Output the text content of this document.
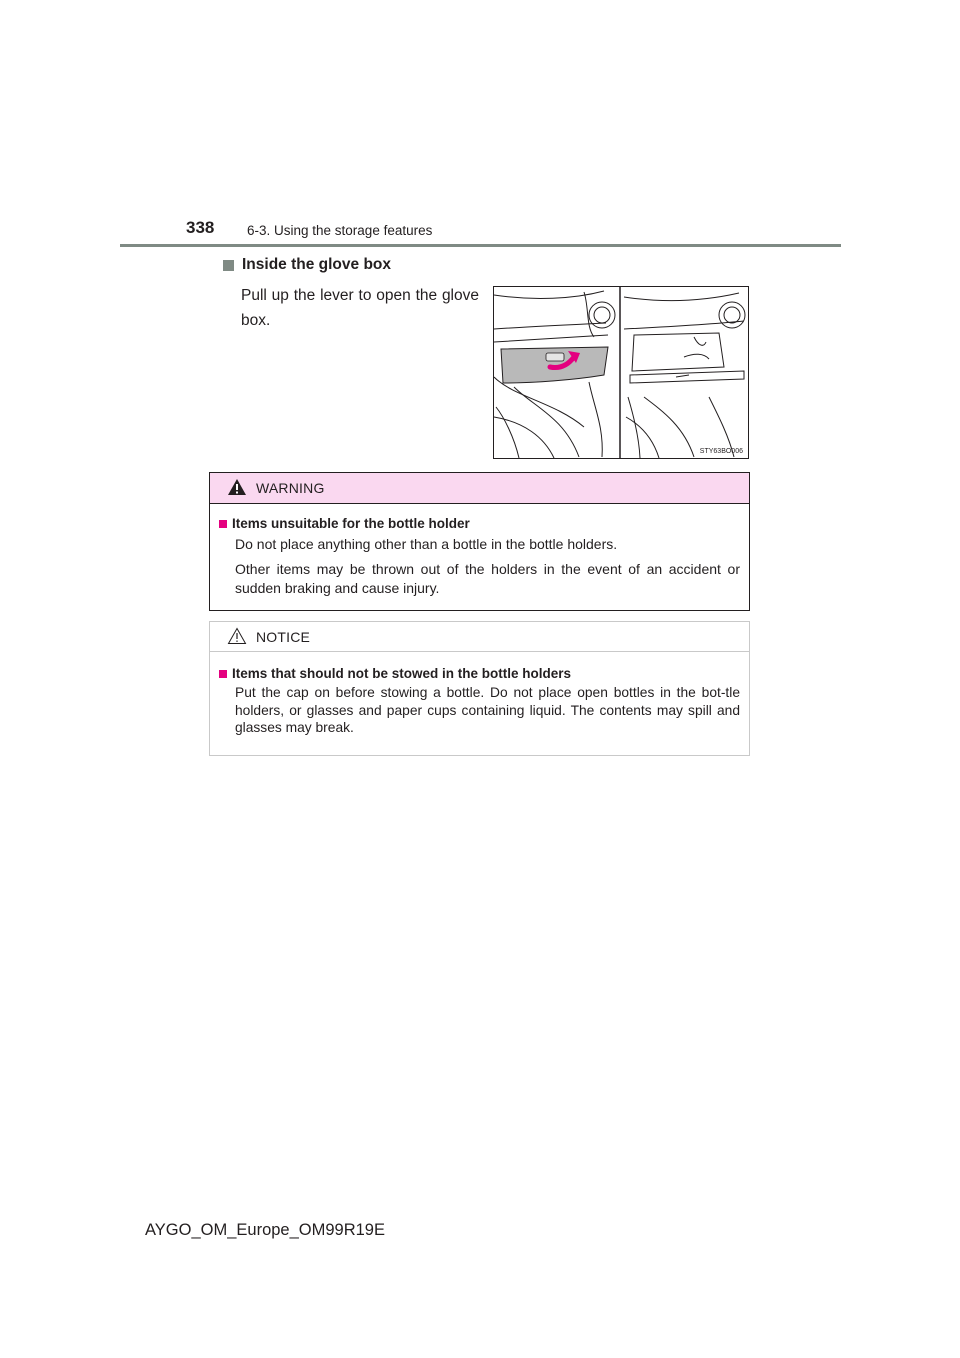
338 6-3. Using the storage features
Inside the glove box
Pull up the lever to open the glove box.
STY63BO006
WARNING
Items unsuitable for the bottle holder
Do not place anything other than a bottle in the bottle holders.
Other items may be thrown out of the holders in the event of an accident or sudden braking and cause injury.
NOTICE
Items that should not be stowed in the bottle holders
Put the cap on before stowing a bottle. Do not place open bottles in the bot-tle holders, or glasses and paper cups containing liquid. The contents may spill and glasses may break.
AYGO_OM_Europe_OM99R19E
